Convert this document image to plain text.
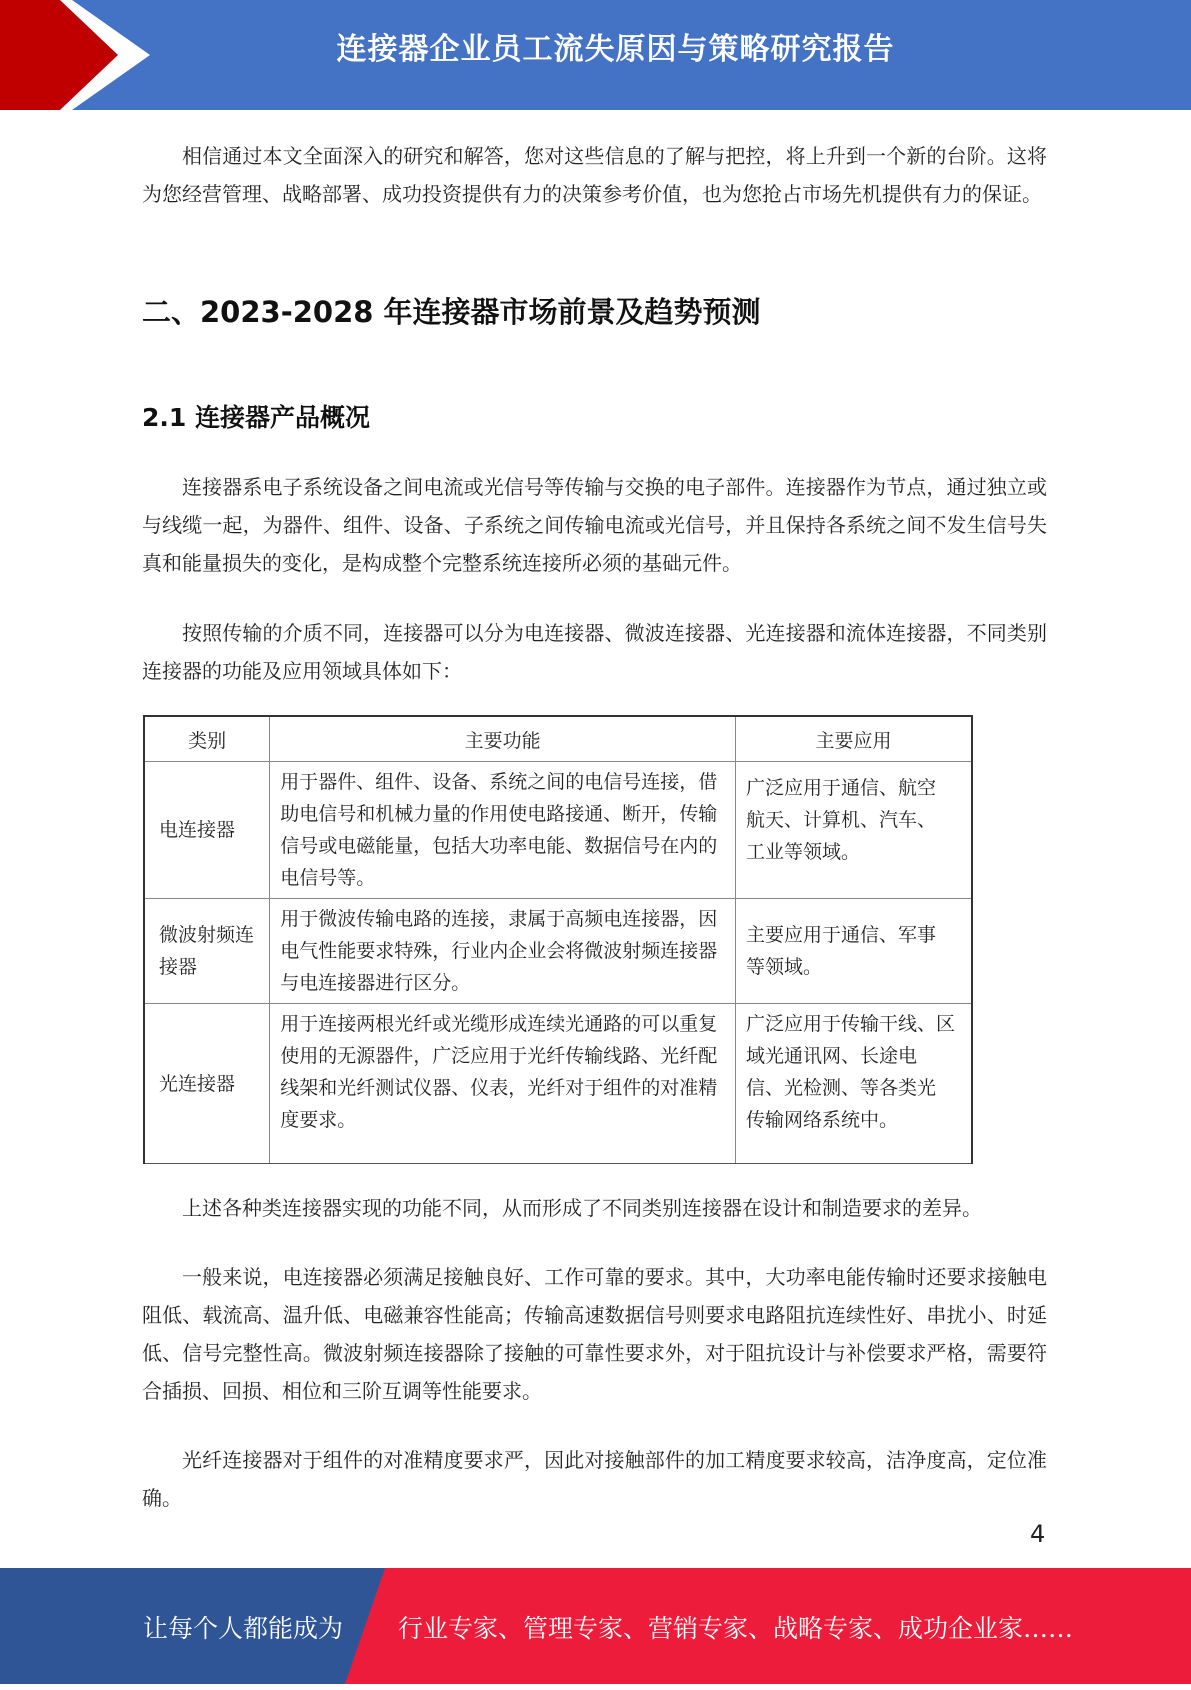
连接器企业员工流失原因与策略研究报告

相信通过本文全面深入的研究和解答，您对这些信息的了解与把控，将上升到一个新的台阶。这将为您经营管理、战略部署、成功投资提供有力的决策参考价值，也为您抢占市场先机提供有力的保证。

二、2023-2028 年连接器市场前景及趋势预测
2.1 连接器产品概况

连接器系电子系统设备之间电流或光信号等传输与交换的电子部件。连接器作为节点，通过独立或与线缆一起，为器件、组件、设备、子系统之间传输电流或光信号，并且保持各系统之间不发生信号失真和能量损失的变化，是构成整个完整系统连接所必须的基础元件。

按照传输的介质不同，连接器可以分为电连接器、微波连接器、光连接器和流体连接器，不同类别连接器的功能及应用领域具体如下：

类别	主要功能	主要应用
电连接器	用于器件、组件、设备、系统之间的电信号连接，借助电信号和机械力量的作用使电路接通、断开，传输信号或电磁能量，包括大功率电能、数据信号在内的电信号等。	广泛应用于通信、航空 航天、计算机、汽车、 工业等领域。
微波射频连接器	用于微波传输电路的连接，隶属于高频电连接器，因电气性能要求特殊，行业内企业会将微波射频连接器与电连接器进行区分。	主要应用于通信、军事 等领域。
光连接器	用于连接两根光纤或光缆形成连续光通路的可以重复使用的无源器件，广泛应用于光纤传输线路、光纤配线架和光纤测试仪器、仪表，光纤对于组件的对准精度要求。	广泛应用于传输干线、区域光通讯网、长途电 信、光检测、等各类光 传输网络系统中。

上述各种类连接器实现的功能不同，从而形成了不同类别连接器在设计和制造要求的差异。

一般来说，电连接器必须满足接触良好、工作可靠的要求。其中，大功率电能传输时还要求接触电阻低、载流高、温升低、电磁兼容性能高；传输高速数据信号则要求电路阻抗连续性好、串扰小、时延低、信号完整性高。微波射频连接器除了接触的可靠性要求外，对于阻抗设计与补偿要求严格，需要符合插损、回损、相位和三阶互调等性能要求。

光纤连接器对于组件的对准精度要求严，因此对接触部件的加工精度要求较高，洁净度高，定位准确。

4
让每个人都能成为 行业专家、管理专家、营销专家、战略专家、成功企业家……
